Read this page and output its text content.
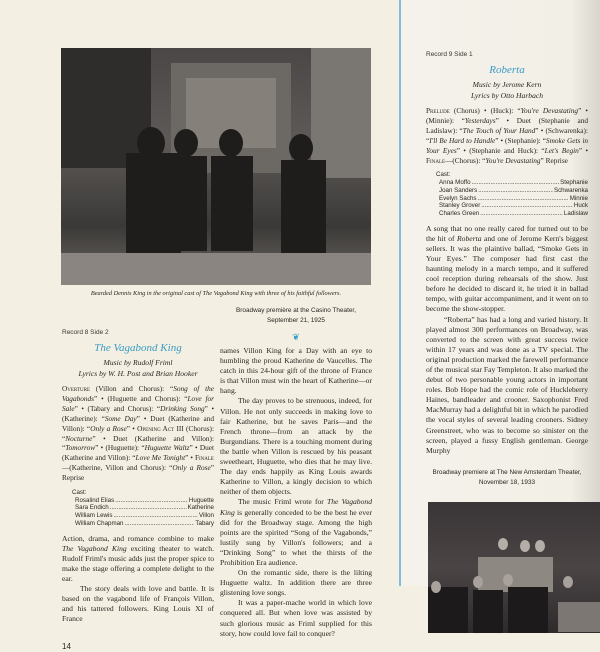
Bearded Dennis King in the original cast of The Vagabond King with three of his faithful followers.
Record 8 Side 2
The Vagabond King
Music by Rudolf Friml
Lyrics by W. H. Post and Brian Hooker
Overture (Villon and Chorus): “Song of the Vagabonds” • (Huguette and Chorus): “Love for Sale” • (Tabary and Chorus): “Drinking Song” • (Katherine): “Some Day” • Duet (Katherine and Villon): “Only a Rose” • Opening Act III (Chorus): “Nocturne” • Duet (Katherine and Villon): “Tomorrow” • (Huguette): “Huguette Waltz” • Duet (Katherine and Villon): “Love Me Tonight” • Finale—(Katherine, Villon and Chorus): “Only a Rose” Reprise
Cast:
Rosalind Elias .....	Huguette
Sara Endich .....	Katherine
William Lewis .....	Villon
William Chapman .....	Tabary

Action, drama, and romance combine to make The Vagabond King exciting theater to watch. Rudolf Friml's music adds just the proper spice to make the stage offering a complete delight to the ear.

The story deals with love and battle. It is based on the vagabond life of François Villon, and his tattered followers. King Louis XI of France

14
Broadway première at the Casino Theater,
September 21, 1925
❦

names Villon King for a Day with an eye to humbling the proud Katherine de Vaucelles. The catch in this 24-hour gift of the throne of France is that Villon must win the heart of Katherine—or hang.

The day proves to be strenuous, indeed, for Villon. He not only succeeds in making love to fair Katherine, but he saves Paris—and the French throne—from an attack by the Burgundians. There is a touching moment during the battle when Villon is rescued by his peasant sweetheart, Huguette, who dies that he may live. The day ends happily as King Louis awards Katherine to Villon, a kingly decision to which neither of them objects.

The music Friml wrote for The Vagabond King is generally conceded to be the best he ever did for the Broadway stage. Among the high points are the spirited “Song of the Vagabonds,” lustily sung by Villon's followers; and a “Drinking Song” to whet the thirsts of the Prohibition Era audience.

On the romantic side, there is the lilting Huguette waltz. In addition there are three glistening love songs.

It was a paper-mache world in which love conquered all. But when love was assisted by such glorious music as Friml supplied for this story, how could love fail to conquer?

Record 9 Side 1
Roberta
Music by Jerome Kern
Lyrics by Otto Harbach
Prelude (Chorus) • (Huck): “You're Devastating” • (Minnie): “Yesterdays” • Duet (Stephanie and Ladislaw): “The Touch of Your Hand” • (Schwarenka): “I'll Be Hard to Handle” • (Stephanie): “Smoke Gets in Your Eyes” • (Stephanie and Huck): “Let's Begin” • Finale—(Chorus): “You're Devastating” Reprise
Cast:
Anna Moffo .....	Stephanie
Joan Sanders .....	Schwarenka
Evelyn Sachs .....	Minnie
Stanley Grover .....	Huck
Charles Green .....	Ladislaw

A song that no one really cared for turned out to be the hit of Roberta and one of Jerome Kern's biggest sellers. It was the plaintive ballad, “Smoke Gets in Your Eyes.” The composer had first cast the haunting melody in a march tempo, and it suffered cool reception during rehearsals of the show. Just before he decided to discard it, he tried it in ballad tempo, with guitar accompaniment, and it went on to become the show-stopper.

“Roberta” has had a long and varied history. It played almost 300 performances on Broadway, was converted to the screen with great success twice within 17 years and was done as a TV special. The original production marked the farewell performance of the musical star Fay Templeton. It also marked the debut of two personable young actors in important roles. Bob Hope had the comic role of Huckleberry Haines, bandleader and crooner. Saxophonist Fred MacMurray had a delightful bit in which he parodied the vocal styles of several leading crooners. Sidney Greenstreet, who was to become so sinister on the screen, played a fussy English gentleman. George Murphy

Broadway premiere at The New Amsterdam Theater,
November 18, 1933
